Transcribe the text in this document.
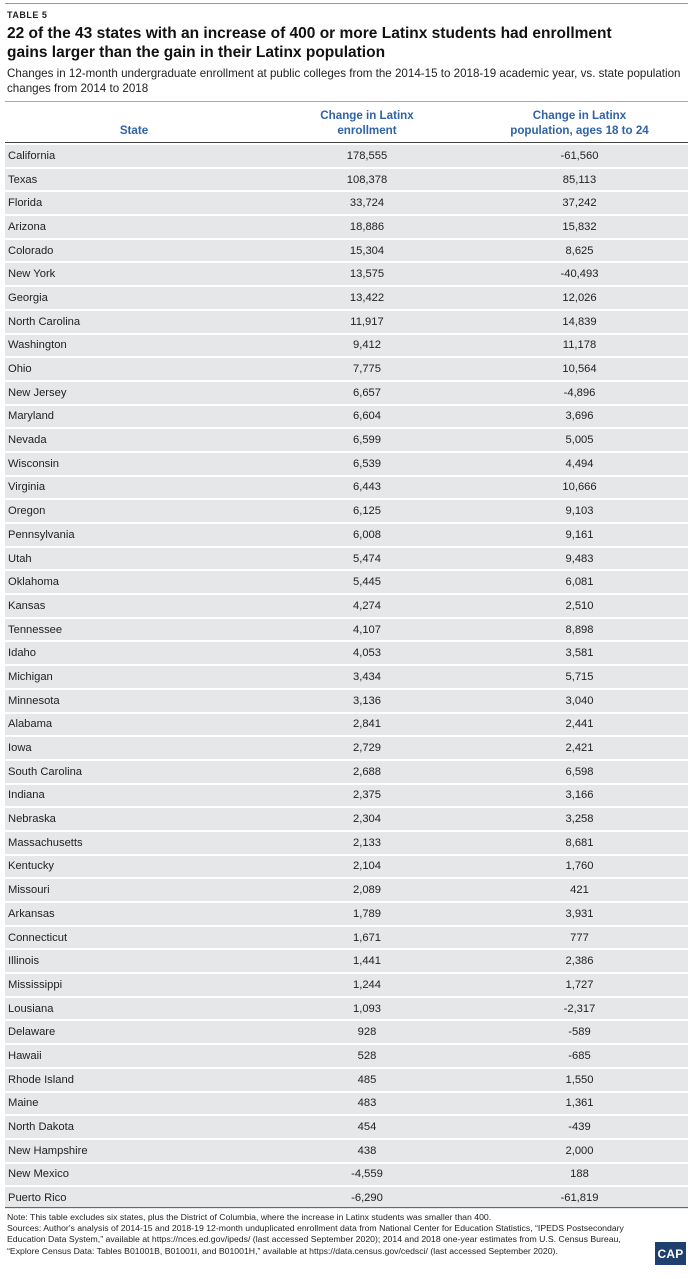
TABLE 5
22 of the 43 states with an increase of 400 or more Latinx students had enrollment gains larger than the gain in their Latinx population
Changes in 12-month undergraduate enrollment at public colleges from the 2014-15 to 2018-19 academic year, vs. state population changes from 2014 to 2018
State	Change in Latinx enrollment	Change in Latinx population, ages 18 to 24

California	178,555	-61,560
Texas	108,378	85,113
Florida	33,724	37,242
Arizona	18,886	15,832
Colorado	15,304	8,625
New York	13,575	-40,493
Georgia	13,422	12,026
North Carolina	11,917	14,839
Washington	9,412	11,178
Ohio	7,775	10,564
New Jersey	6,657	-4,896
Maryland	6,604	3,696
Nevada	6,599	5,005
Wisconsin	6,539	4,494
Virginia	6,443	10,666
Oregon	6,125	9,103
Pennsylvania	6,008	9,161
Utah	5,474	9,483
Oklahoma	5,445	6,081
Kansas	4,274	2,510
Tennessee	4,107	8,898
Idaho	4,053	3,581
Michigan	3,434	5,715
Minnesota	3,136	3,040
Alabama	2,841	2,441
Iowa	2,729	2,421
South Carolina	2,688	6,598
Indiana	2,375	3,166
Nebraska	2,304	3,258
Massachusetts	2,133	8,681
Kentucky	2,104	1,760
Missouri	2,089	421
Arkansas	1,789	3,931
Connecticut	1,671	777
Illinois	1,441	2,386
Mississippi	1,244	1,727
Lousiana	1,093	-2,317
Delaware	928	-589
Hawaii	528	-685
Rhode Island	485	1,550
Maine	483	1,361
North Dakota	454	-439
New Hampshire	438	2,000
New Mexico	-4,559	188
Puerto Rico	-6,290	-61,819
Note: This table excludes six states, plus the District of Columbia, where the increase in Latinx students was smaller than 400.
Sources: Author's analysis of 2014-15 and 2018-19 12-month unduplicated enrollment data from National Center for Education Statistics, “IPEDS Postsecondary Education Data System,” available at https://nces.ed.gov/ipeds/ (last accessed September 2020); 2014 and 2018 one-year estimates from U.S. Census Bureau, “Explore Census Data: Tables B01001B, B01001I, and B01001H,” available at https://data.census.gov/cedsci/ (last accessed September 2020).	CAP
